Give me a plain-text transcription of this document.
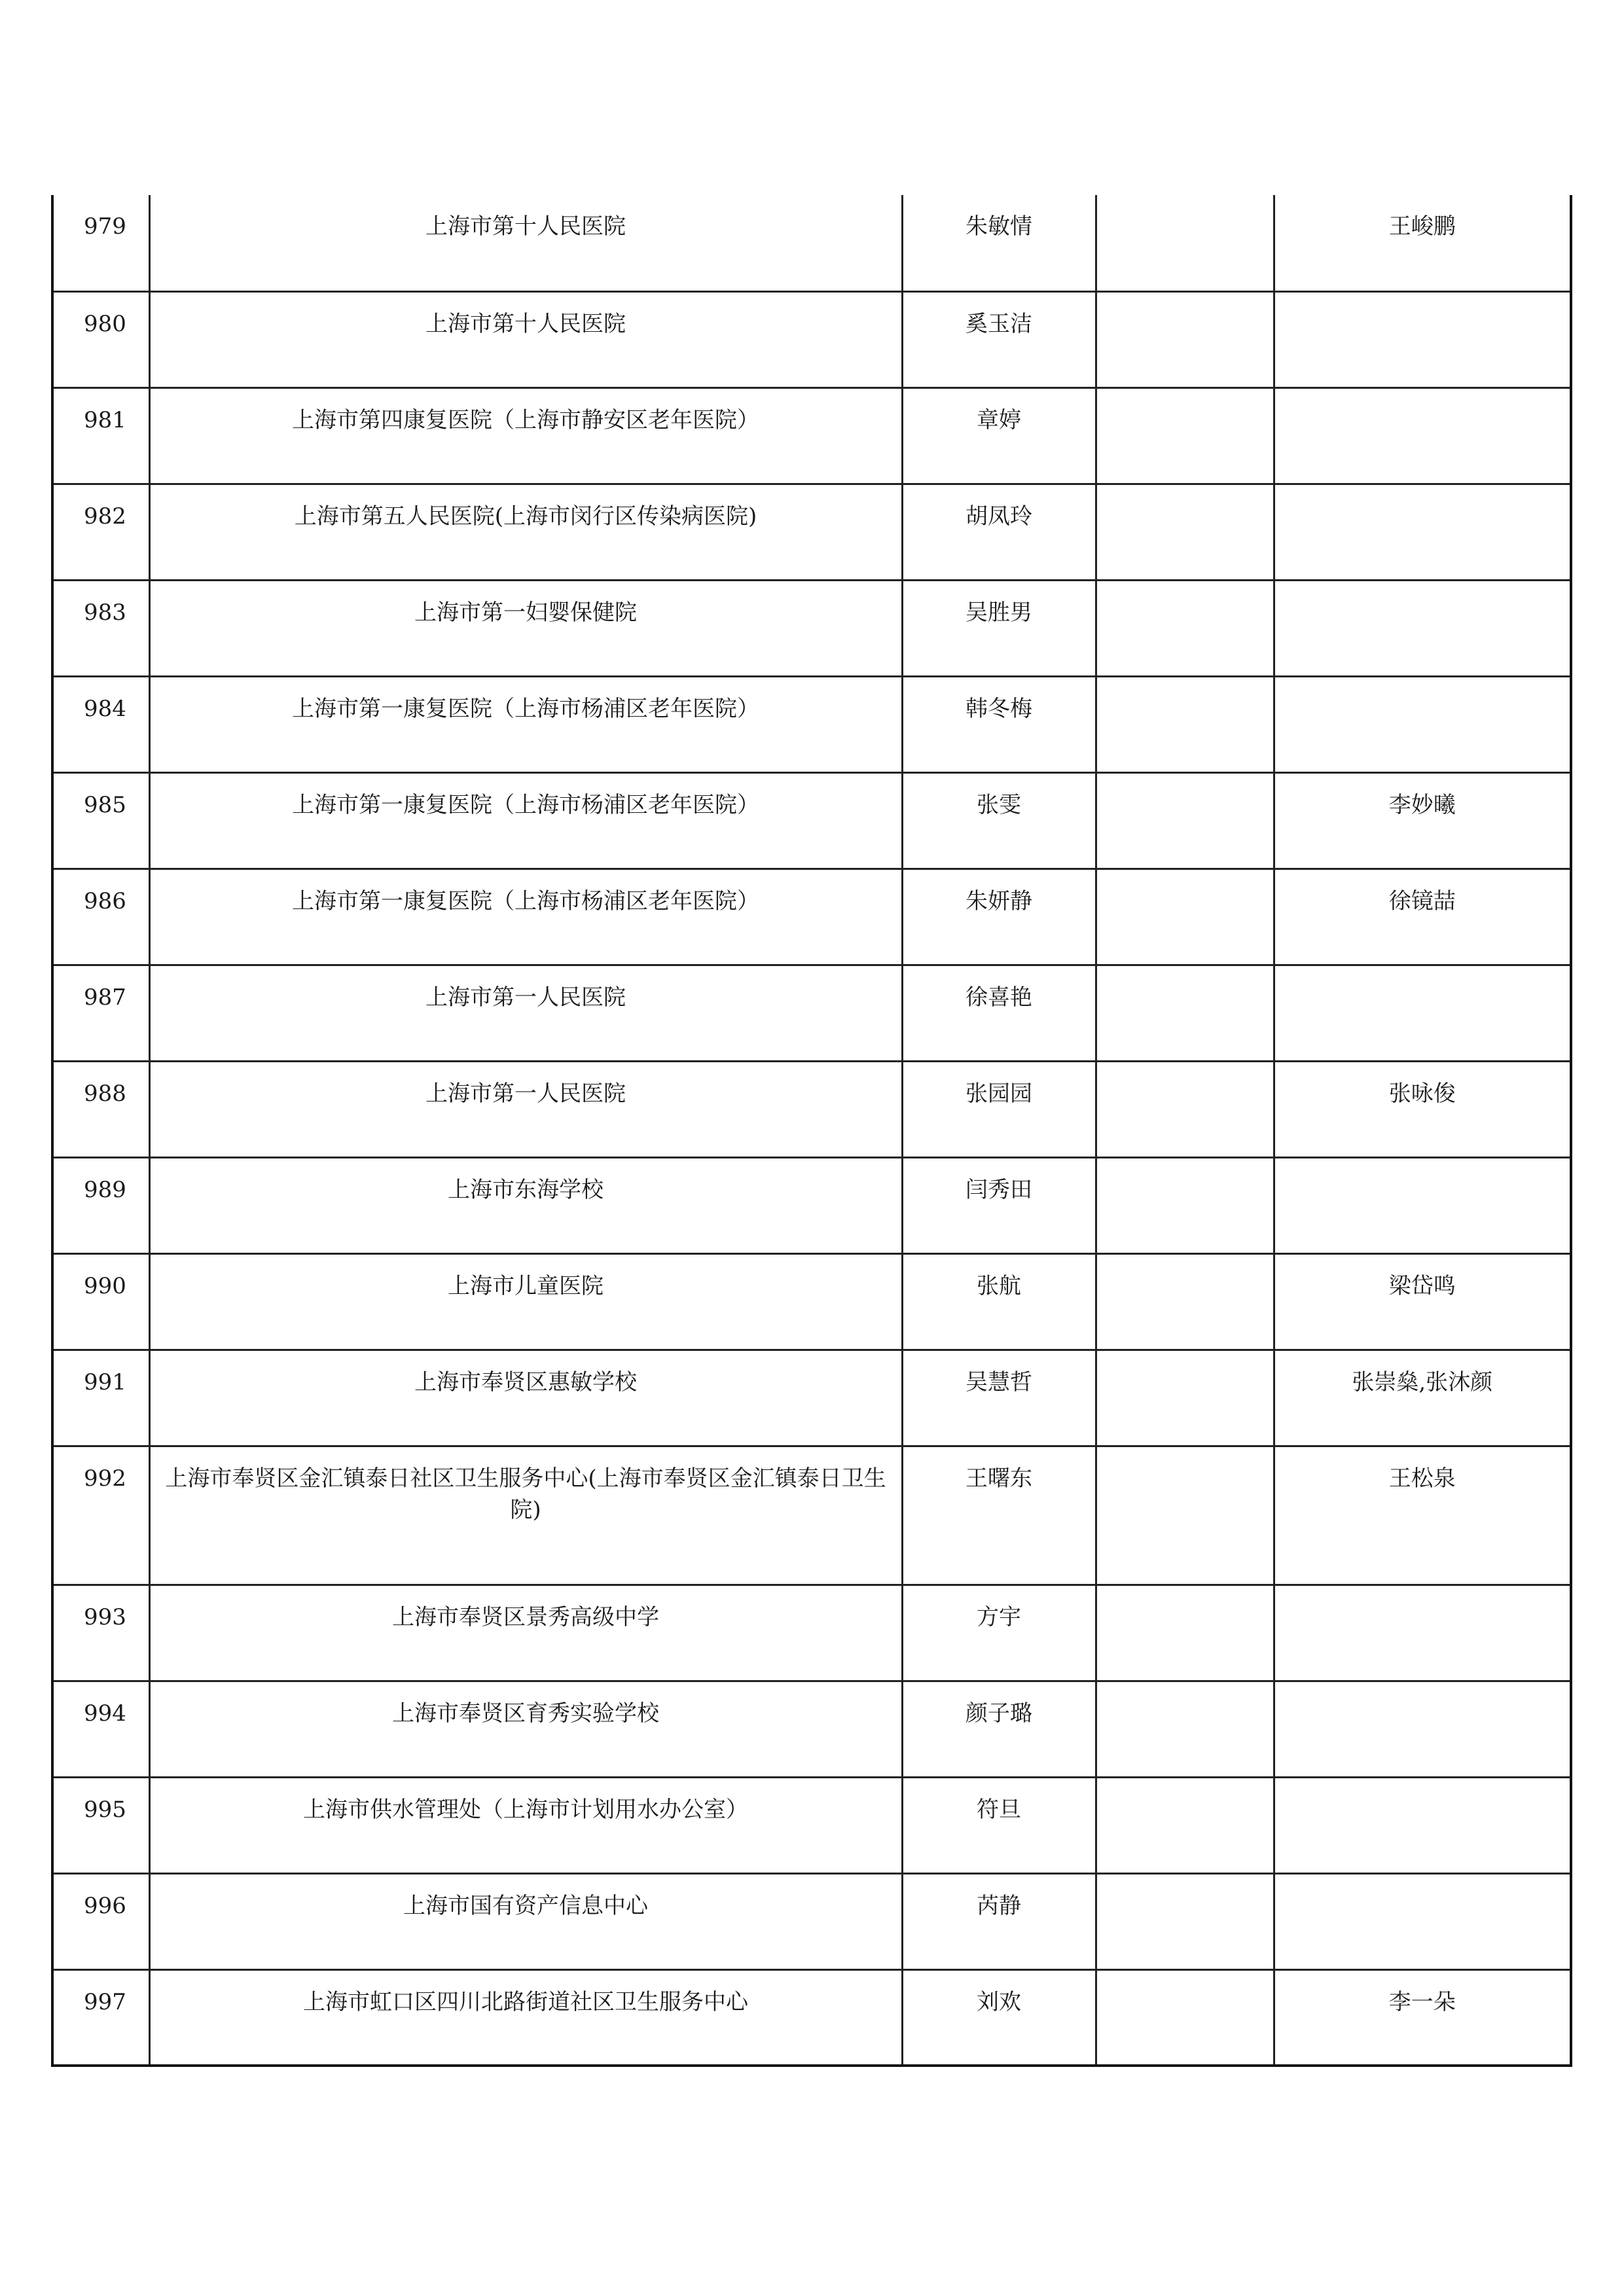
979	上海市第十人民医院	朱敏情		王峻鹏
980	上海市第十人民医院	奚玉洁		
981	上海市第四康复医院（上海市静安区老年医院）	章婷		
982	上海市第五人民医院(上海市闵行区传染病医院)	胡凤玲		
983	上海市第一妇婴保健院	吴胜男		
984	上海市第一康复医院（上海市杨浦区老年医院）	韩冬梅		
985	上海市第一康复医院（上海市杨浦区老年医院）	张雯		李妙曦
986	上海市第一康复医院（上海市杨浦区老年医院）	朱妍静		徐镜喆
987	上海市第一人民医院	徐喜艳		
988	上海市第一人民医院	张园园		张咏俊
989	上海市东海学校	闫秀田		
990	上海市儿童医院	张航		梁岱鸣
991	上海市奉贤区惠敏学校	吴慧哲		张崇燊,张沐颜
992	上海市奉贤区金汇镇泰日社区卫生服务中心(上海市奉贤区金汇镇泰日卫生院)	王曙东		王松泉
993	上海市奉贤区景秀高级中学	方宇		
994	上海市奉贤区育秀实验学校	颜子璐		
995	上海市供水管理处（上海市计划用水办公室）	符旦		
996	上海市国有资产信息中心	芮静		
997	上海市虹口区四川北路街道社区卫生服务中心	刘欢		李一朵
